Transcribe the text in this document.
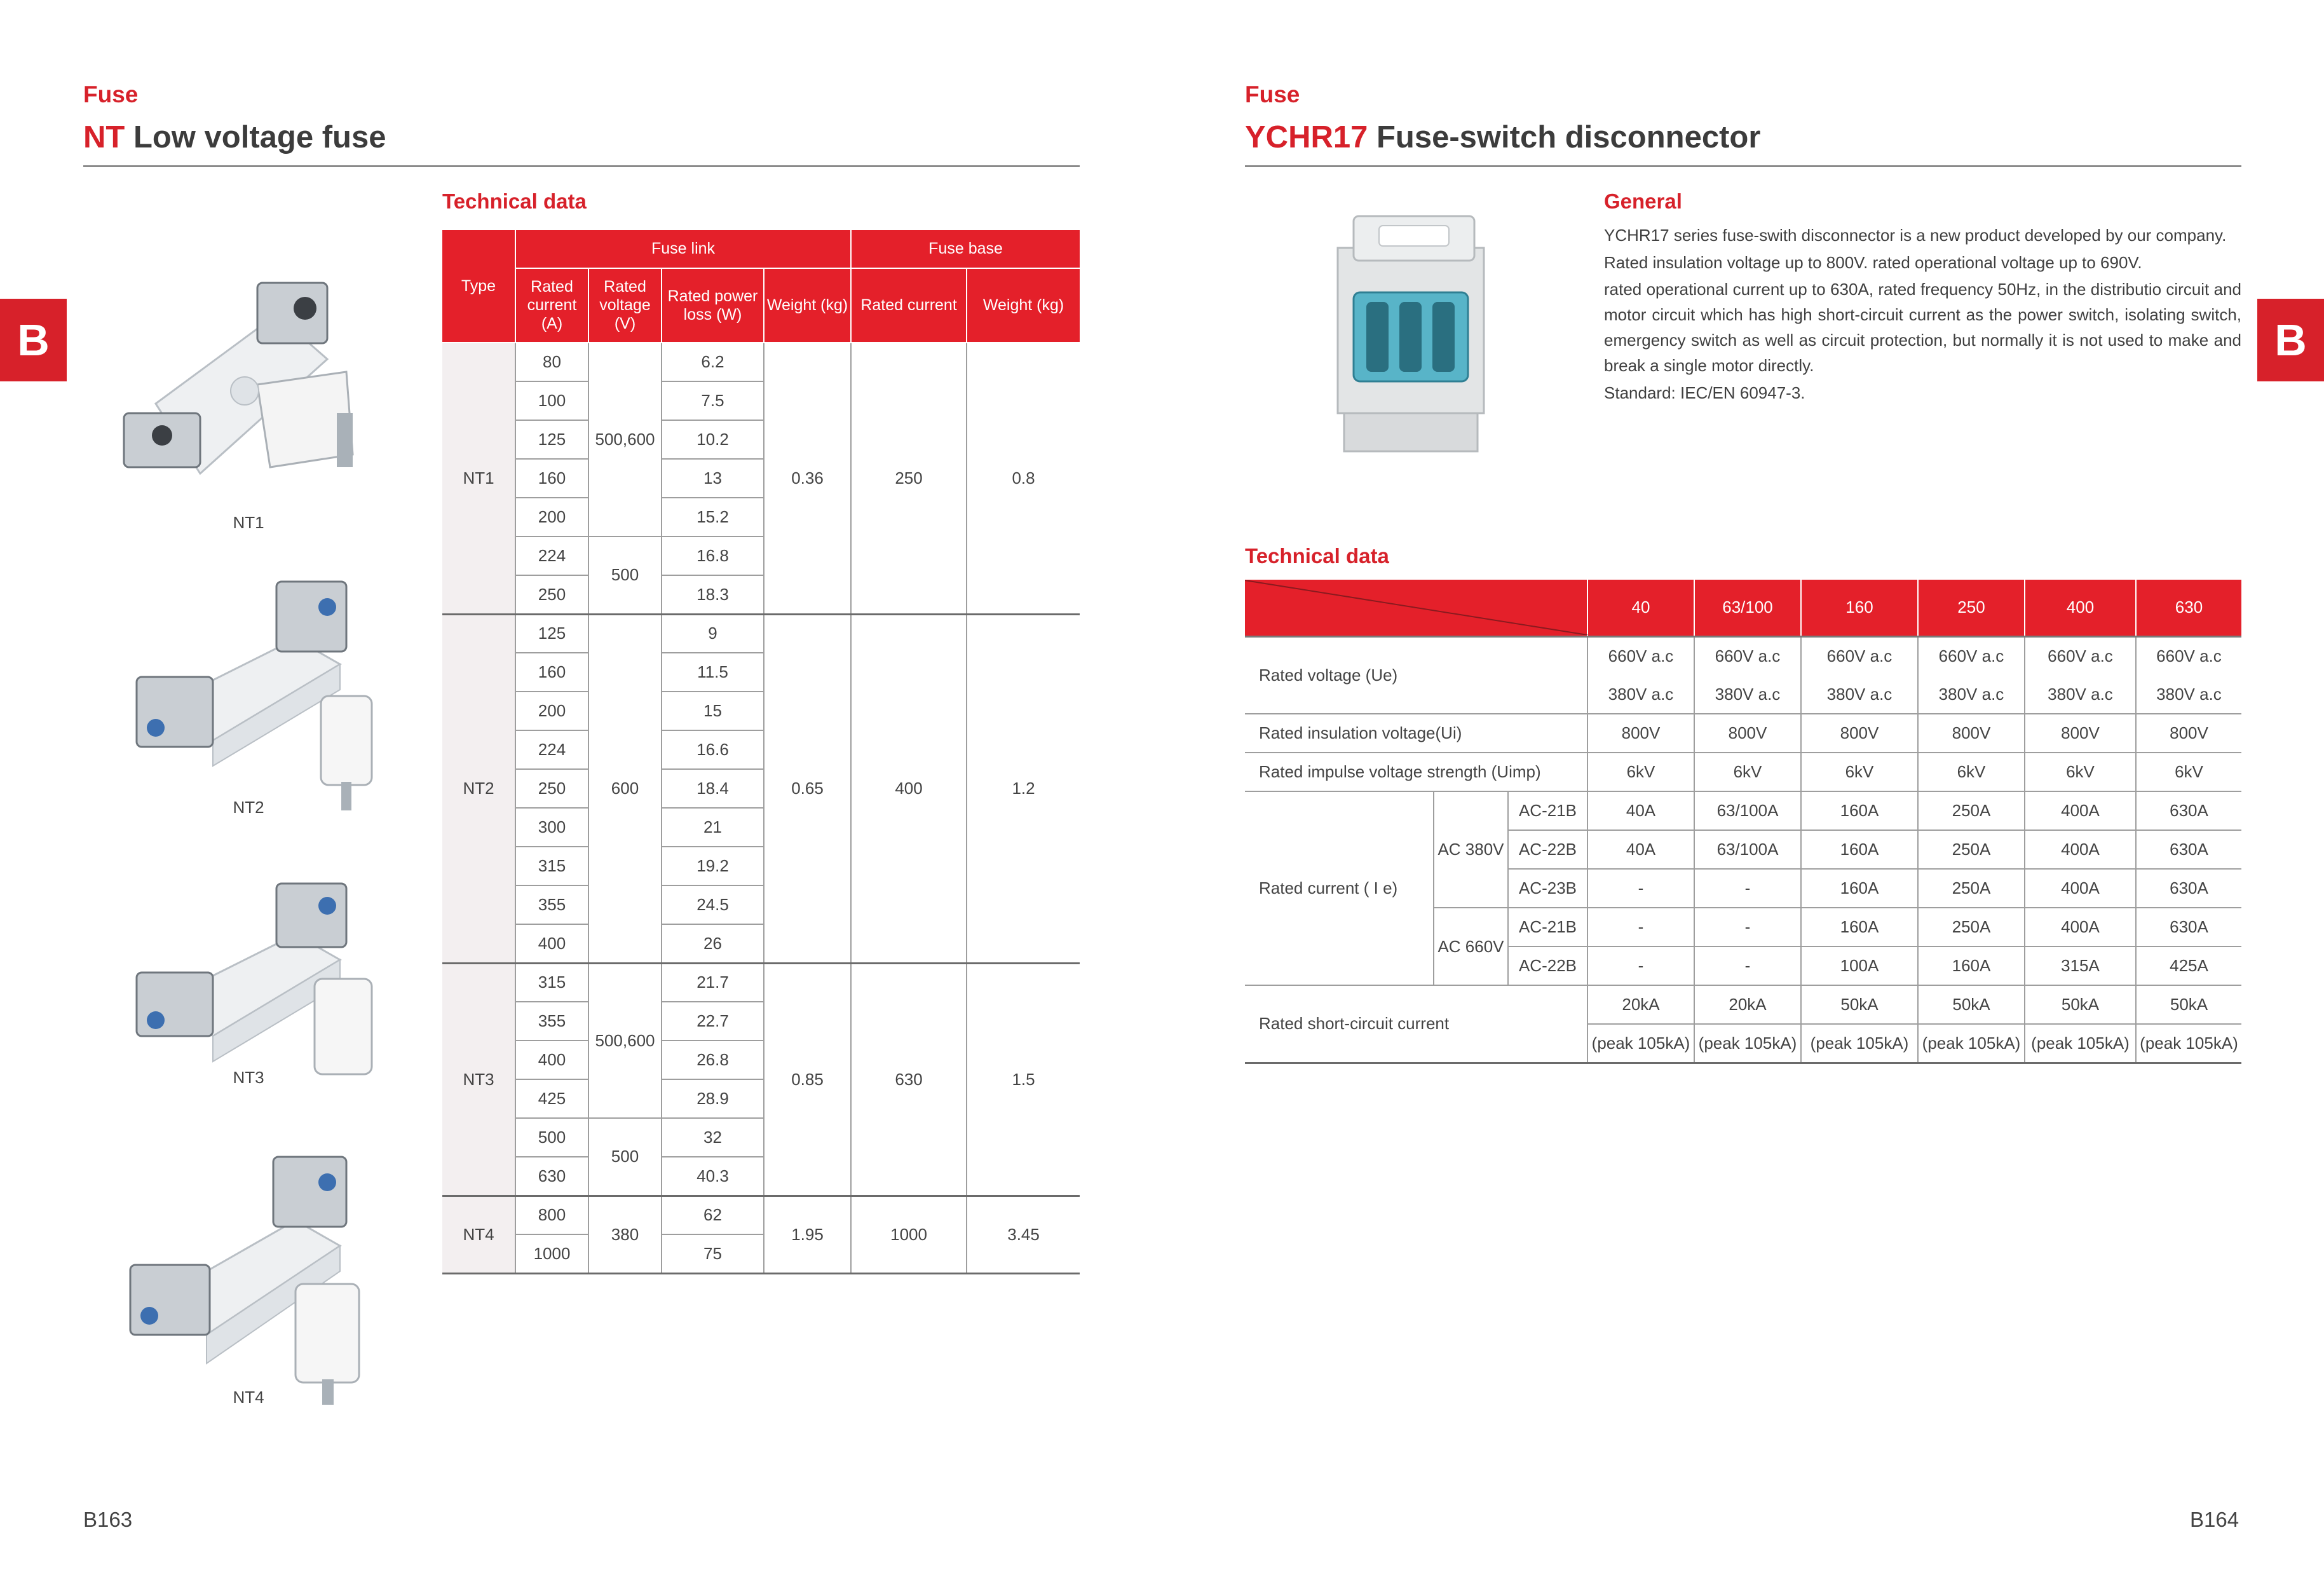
Fuse
NT Low voltage fuse
B
Technical data
NT1
NT2
NT3
NT4
Type	Fuse link				Fuse base	
	Rated current (A)	Rated voltage (V)	Rated power loss (W)	Weight (kg)	Rated current	Weight (kg)
NT1	80	500,600	6.2	0.36	250	0.8
	100		7.5			
	125		10.2			
	160		13			
	200		15.2			
	224	500	16.8			
	250		18.3			
NT2	125	600	9	0.65	400	1.2
	160		11.5			
	200		15			
	224		16.6			
	250		18.4			
	300		21			
	315		19.2			
	355		24.5			
	400		26			
NT3	315	500,600	21.7	0.85	630	1.5
	355		22.7			
	400		26.8			
	425		28.9			
	500	500	32			
	630		40.3			
NT4	800	380	62	1.95	1000	3.45
	1000		75			
B163
Fuse
YCHR17 Fuse-switch disconnector
B
General

YCHR17 series fuse-swith disconnector is a new product developed by our company.

Rated insulation voltage up to 800V. rated operational voltage up to 690V.

rated operational current up to 630A, rated frequency 50Hz, in the distributio circuit and motor circuit which has high short-circuit current as the power switch, isolating switch, emergency switch as well as circuit protection, but normally it is not used to make and break a single motor directly.

Standard: IEC/EN 60947-3.

Technical data
	40	63/100	160	250	400	630
Rated voltage (Ue)			660V a.c	660V a.c	660V a.c	660V a.c	660V a.c	660V a.c
			380V a.c	380V a.c	380V a.c	380V a.c	380V a.c	380V a.c
Rated insulation voltage(Ui)			800V	800V	800V	800V	800V	800V
Rated impulse voltage strength (Uimp)			6kV	6kV	6kV	6kV	6kV	6kV
Rated current ( I e)	AC 380V	AC-21B	40A	63/100A	160A	250A	400A	630A
		AC-22B	40A	63/100A	160A	250A	400A	630A
		AC-23B	-	-	160A	250A	400A	630A
	AC 660V	AC-21B	-	-	160A	250A	400A	630A
		AC-22B	-	-	100A	160A	315A	425A
Rated short-circuit current			20kA	20kA	50kA	50kA	50kA	50kA
			(peak 105kA)	(peak 105kA)	(peak 105kA)	(peak 105kA)	(peak 105kA)	(peak 105kA)
B164
